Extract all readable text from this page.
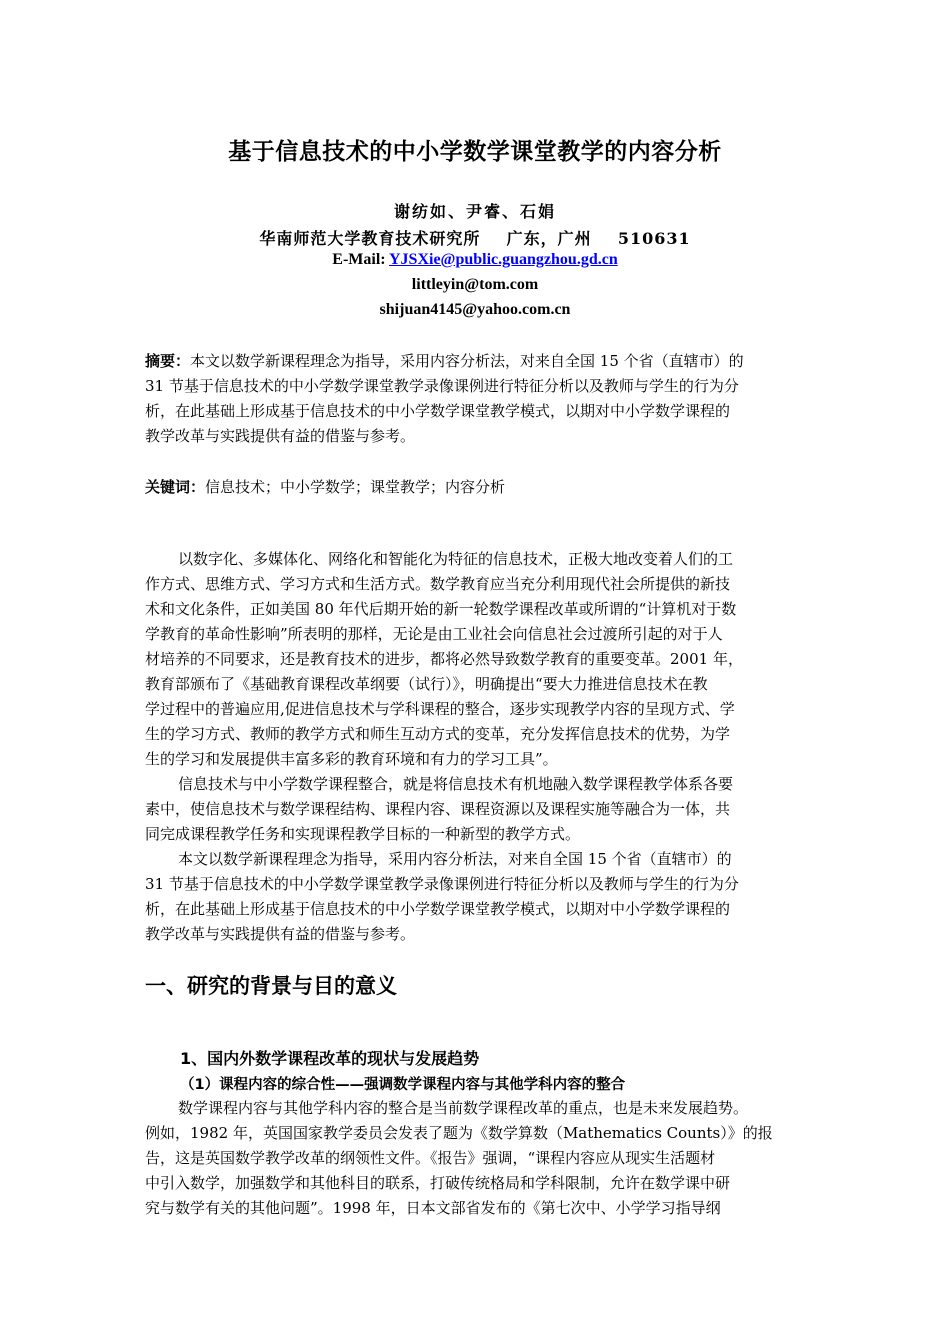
基于信息技术的中小学数学课堂教学的内容分析
谢纺如、尹睿、石娟
华南师范大学教育技术研究所    广东，广州    510631
E-Mail: YJSXie@public.guangzhou.gd.cn
littleyin@tom.com
shijuan4145@yahoo.com.cn
摘要：本文以数学新课程理念为指导，采用内容分析法，对来自全国 15 个省（直辖市）的
31 节基于信息技术的中小学数学课堂教学录像课例进行特征分析以及教师与学生的行为分
析，在此基础上形成基于信息技术的中小学数学课堂教学模式，以期对中小学数学课程的
教学改革与实践提供有益的借鉴与参考。
关键词：信息技术；中小学数学；课堂教学；内容分析
以数字化、多媒体化、网络化和智能化为特征的信息技术，正极大地改变着人们的工
作方式、思维方式、学习方式和生活方式。数学教育应当充分利用现代社会所提供的新技
术和文化条件，正如美国 80 年代后期开始的新一轮数学课程改革或所谓的“计算机对于数
学教育的革命性影响”所表明的那样，无论是由工业社会向信息社会过渡所引起的对于人
材培养的不同要求，还是教育技术的进步，都将必然导致数学教育的重要变革。2001 年，
教育部颁布了《基础教育课程改革纲要（试行）》，明确提出“要大力推进信息技术在教
学过程中的普遍应用,促进信息技术与学科课程的整合，逐步实现教学内容的呈现方式、学
生的学习方式、教师的教学方式和师生互动方式的变革，充分发挥信息技术的优势，为学
生的学习和发展提供丰富多彩的教育环境和有力的学习工具”。
信息技术与中小学数学课程整合，就是将信息技术有机地融入数学课程教学体系各要
素中，使信息技术与数学课程结构、课程内容、课程资源以及课程实施等融合为一体，共
同完成课程教学任务和实现课程教学目标的一种新型的教学方式。
本文以数学新课程理念为指导，采用内容分析法，对来自全国 15 个省（直辖市）的
31 节基于信息技术的中小学数学课堂教学录像课例进行特征分析以及教师与学生的行为分
析，在此基础上形成基于信息技术的中小学数学课堂教学模式，以期对中小学数学课程的
教学改革与实践提供有益的借鉴与参考。
一、研究的背景与目的意义
1、国内外数学课程改革的现状与发展趋势
（1）课程内容的综合性——强调数学课程内容与其他学科内容的整合
数学课程内容与其他学科内容的整合是当前数学课程改革的重点，也是未来发展趋势。
例如，1982 年，英国国家教学委员会发表了题为《数学算数（Mathematics Counts）》的报
告，这是英国数学教学改革的纲领性文件。《报告》强调，“课程内容应从现实生活题材
中引入数学，加强数学和其他科目的联系，打破传统格局和学科限制，允许在数学课中研
究与数学有关的其他问题”。1998 年，日本文部省发布的《第七次中、小学学习指导纲
